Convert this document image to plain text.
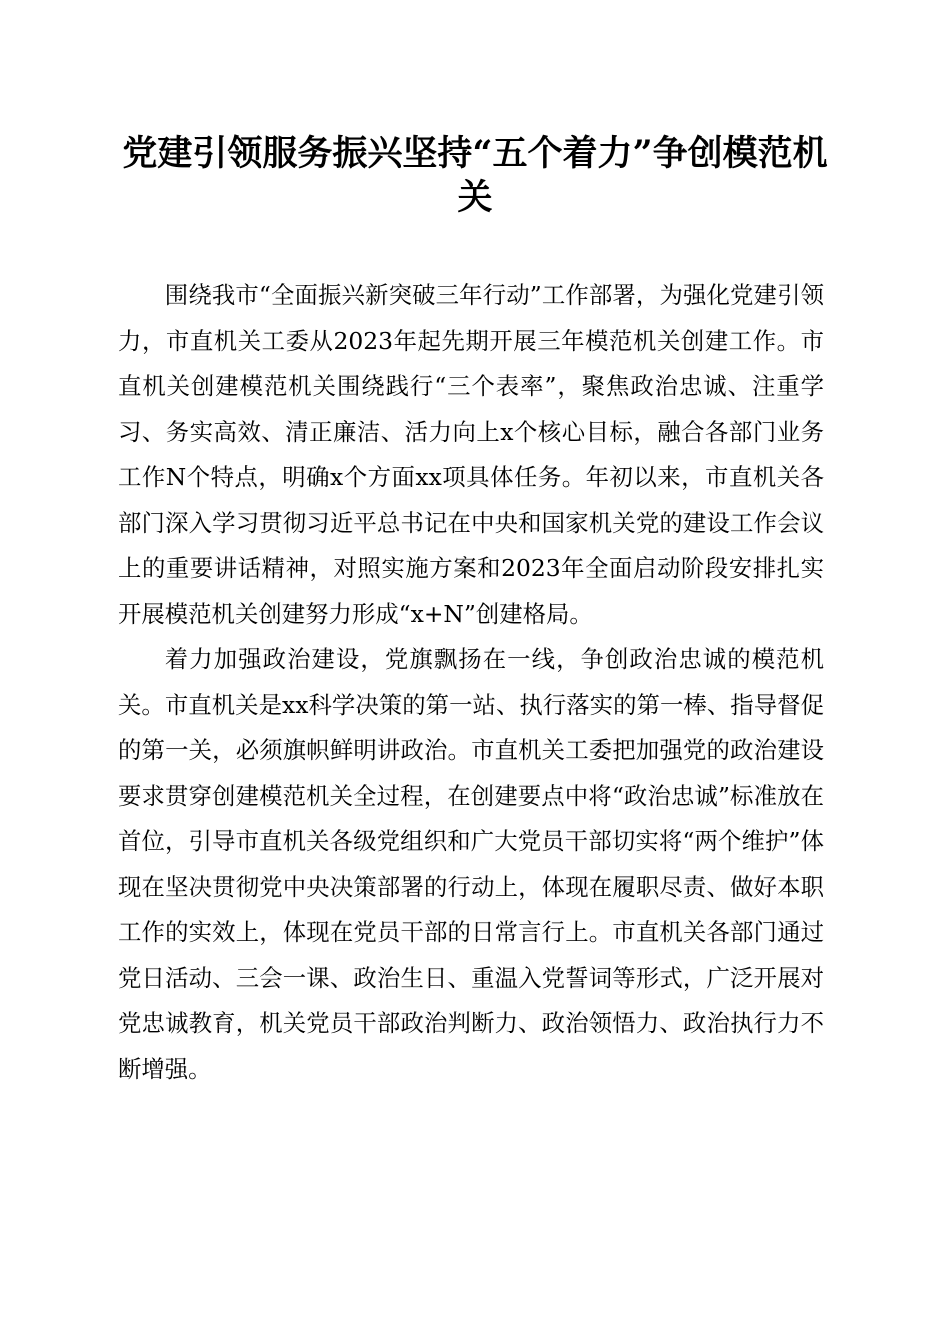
党建引领服务振兴坚持“五个着力”争创模范机关

围绕我市“全面振兴新突破三年行动”工作部署，为强化党建引领力，市直机关工委从2023年起先期开展三年模范机关创建工作。市直机关创建模范机关围绕践行“三个表率”，聚焦政治忠诚、注重学习、务实高效、清正廉洁、活力向上x个核心目标，融合各部门业务工作N个特点，明确x个方面xx项具体任务。年初以来，市直机关各部门深入学习贯彻习近平总书记在中央和国家机关党的建设工作会议上的重要讲话精神，对照实施方案和2023年全面启动阶段安排扎实开展模范机关创建努力形成“x+N”创建格局。

着力加强政治建设，党旗飘扬在一线，争创政治忠诚的模范机关。市直机关是xx科学决策的第一站、执行落实的第一棒、指导督促的第一关，必须旗帜鲜明讲政治。市直机关工委把加强党的政治建设要求贯穿创建模范机关全过程，在创建要点中将“政治忠诚”标准放在首位，引导市直机关各级党组织和广大党员干部切实将“两个维护”体现在坚决贯彻党中央决策部署的行动上，体现在履职尽责、做好本职工作的实效上，体现在党员干部的日常言行上。市直机关各部门通过党日活动、三会一课、政治生日、重温入党誓词等形式，广泛开展对党忠诚教育，机关党员干部政治判断力、政治领悟力、政治执行力不断增强。
